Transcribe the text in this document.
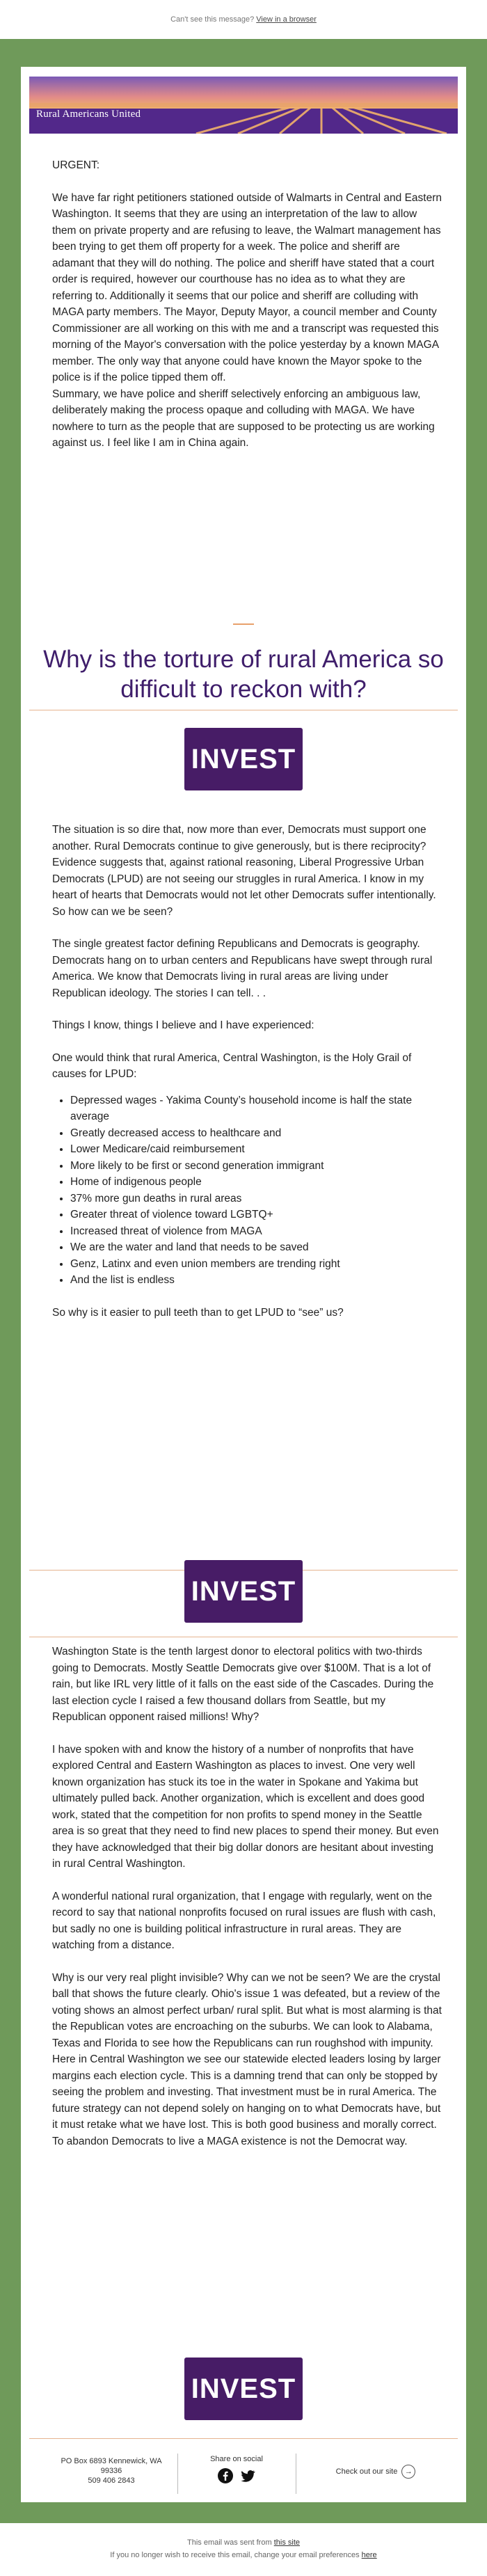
Can't see this message? View in a browser
Rural Americans United

URGENT:

We have far right petitioners stationed outside of Walmarts in Central and Eastern Washington. It seems that they are using an interpretation of the law to allow them on private property and are refusing to leave, the Walmart management has been trying to get them off property for a week. The police and sheriff are adamant that they will do nothing. The police and sheriff have stated that a court order is required, however our courthouse has no idea as to what they are referring to. Additionally it seems that our police and sheriff are colluding with MAGA party members. The Mayor, Deputy Mayor, a council member and County Commissioner are all working on this with me and a transcript was requested this morning of the Mayor's conversation with the police yesterday by a known MAGA member. The only way that anyone could have known the Mayor spoke to the police is if the police tipped them off.

Summary, we have police and sheriff selectively enforcing an ambiguous law, deliberately making the process opaque and colluding with MAGA. We have nowhere to turn as the people that are supposed to be protecting us are working against us. I feel like I am in China again.

Why is the torture of rural America so difficult to reckon with?
INVEST

The situation is so dire that, now more than ever, Democrats must support one another. Rural Democrats continue to give generously, but is there reciprocity? Evidence suggests that, against rational reasoning, Liberal Progressive Urban Democrats (LPUD) are not seeing our struggles in rural America. I know in my heart of hearts that Democrats would not let other Democrats suffer intentionally. So how can we be seen?

The single greatest factor defining Republicans and Democrats is geography. Democrats hang on to urban centers and Republicans have swept through rural America. We know that Democrats living in rural areas are living under Republican ideology. The stories I can tell. . .

Things I know, things I believe and I have experienced:

One would think that rural America, Central Washington, is the Holy Grail of causes for LPUD:

• Depressed wages - Yakima County’s household income is half the state average
• Greatly decreased access to healthcare and
• Lower Medicare/caid reimbursement
• More likely to be first or second generation immigrant
• Home of indigenous people
• 37% more gun deaths in rural areas
• Greater threat of violence toward LGBTQ+
• Increased threat of violence from MAGA
• We are the water and land that needs to be saved
• Genz, Latinx and even union members are trending right
• And the list is endless

So why is it easier to pull teeth than to get LPUD to “see” us?

INVEST

Washington State is the tenth largest donor to electoral politics with two-thirds going to Democrats. Mostly Seattle Democrats give over $100M. That is a lot of rain, but like IRL very little of it falls on the east side of the Cascades. During the last election cycle I raised a few thousand dollars from Seattle, but my Republican opponent raised millions! Why?

I have spoken with and know the history of a number of nonprofits that have explored Central and Eastern Washington as places to invest. One very well known organization has stuck its toe in the water in Spokane and Yakima but ultimately pulled back. Another organization, which is excellent and does good work, stated that the competition for non profits to spend money in the Seattle area is so great that they need to find new places to spend their money. But even they have acknowledged that their big dollar donors are hesitant about investing in rural Central Washington.

A wonderful national rural organization, that I engage with regularly, went on the record to say that national nonprofits focused on rural issues are flush with cash, but sadly no one is building political infrastructure in rural areas. They are watching from a distance.

Why is our very real plight invisible? Why can we not be seen? We are the crystal ball that shows the future clearly. Ohio's issue 1 was defeated, but a review of the voting shows an almost perfect urban/ rural split. But what is most alarming is that the Republican votes are encroaching on the suburbs. We can look to Alabama, Texas and Florida to see how the Republicans can run roughshod with impunity. Here in Central Washington we see our statewide elected leaders losing by larger margins each election cycle. This is a damning trend that can only be stopped by seeing the problem and investing. That investment must be in rural America. The future strategy can not depend solely on hanging on to what Democrats have, but it must retake what we have lost. This is both good business and morally correct. To abandon Democrats to live a MAGA existence is not the Democrat way.

INVEST
PO Box 6893 Kennewick, WA
99336
509 406 2843
Share on social
Check out our site →
This email was sent from this site
If you no longer wish to receive this email, change your email preferences here
